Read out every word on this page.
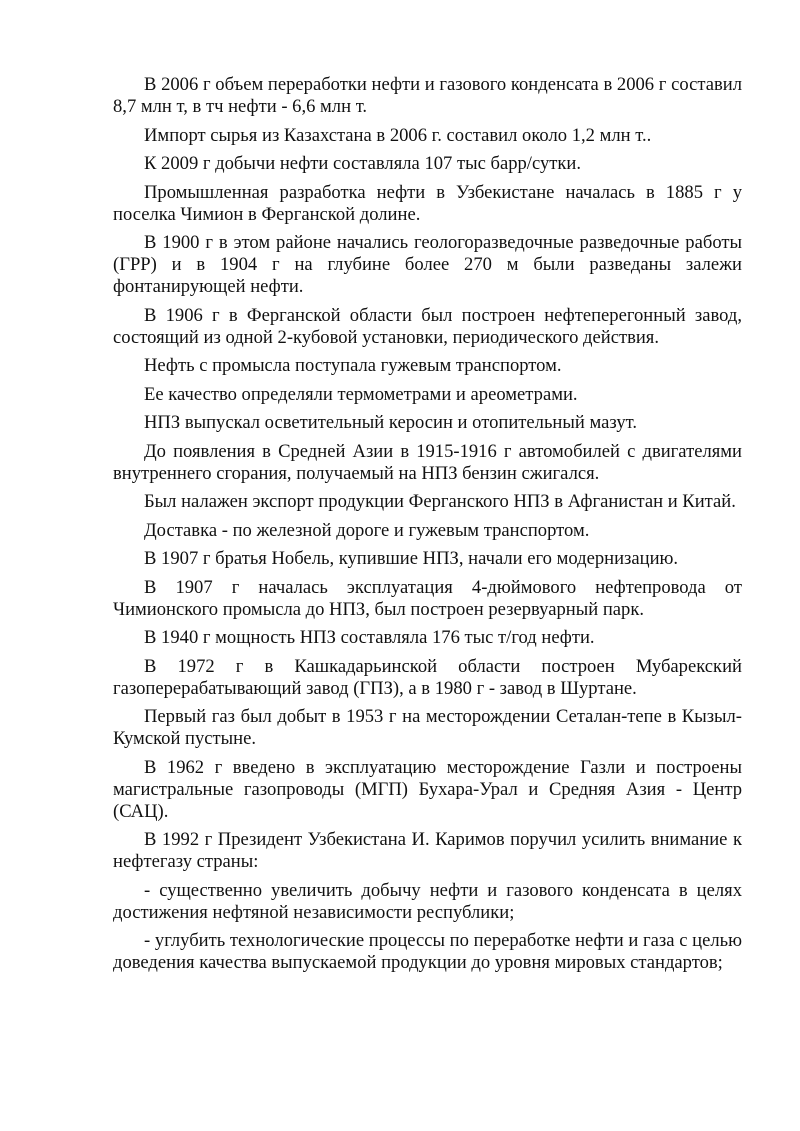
В 2006 г объем переработки нефти и газового конденсата в 2006 г составил 8,7 млн т, в тч нефти - 6,6 млн т.

Импорт сырья из Казахстана в 2006 г. составил около 1,2 млн т..

К 2009 г добычи нефти составляла 107 тыс барр/сутки.

Промышленная разработка нефти в Узбекистане началась в 1885 г у поселка Чимион в Ферганской долине.

В 1900 г в этом районе начались геологоразведочные разведочные работы (ГРР) и в 1904 г на глубине более 270 м были разведаны залежи фонтанирующей нефти.

В 1906 г в Ферганской области был построен нефтеперегонный завод, состоящий из одной 2-кубовой установки, периодического действия.

Нефть с промысла поступала гужевым транспортом.

Ее качество определяли термометрами и ареометрами.

НПЗ выпускал осветительный керосин и отопительный мазут.

До появления в Средней Азии в 1915-1916 г автомобилей с двигателями внутреннего сгорания, получаемый на НПЗ бензин сжигался.

Был налажен экспорт продукции Ферганского НПЗ в Афганистан и Китай.

Доставка - по железной дороге и гужевым транспортом.

В 1907 г братья Нобель, купившие НПЗ, начали его модернизацию.

В 1907 г началась эксплуатация 4-дюймового нефтепровода от Чимионского промысла до НПЗ, был построен резервуарный парк.

В 1940 г мощность НПЗ составляла 176 тыс т/год нефти.

В 1972 г в Кашкадарьинской области построен Мубарекский газоперерабатывающий завод (ГПЗ), а в 1980 г - завод в Шуртане.

Первый газ был добыт в 1953 г на месторождении Сеталан-тепе в Кызыл-Кумской пустыне.

В 1962 г введено в эксплуатацию месторождение Газли и построены магистральные газопроводы (МГП) Бухара-Урал и Средняя Азия - Центр (САЦ).

В 1992 г Президент Узбекистана И. Каримов поручил усилить внимание к нефтегазу страны:

- существенно увеличить добычу нефти и газового конденсата в целях достижения нефтяной независимости республики;

- углубить технологические процессы по переработке нефти и газа с целью доведения качества выпускаемой продукции до уровня мировых стандартов;
